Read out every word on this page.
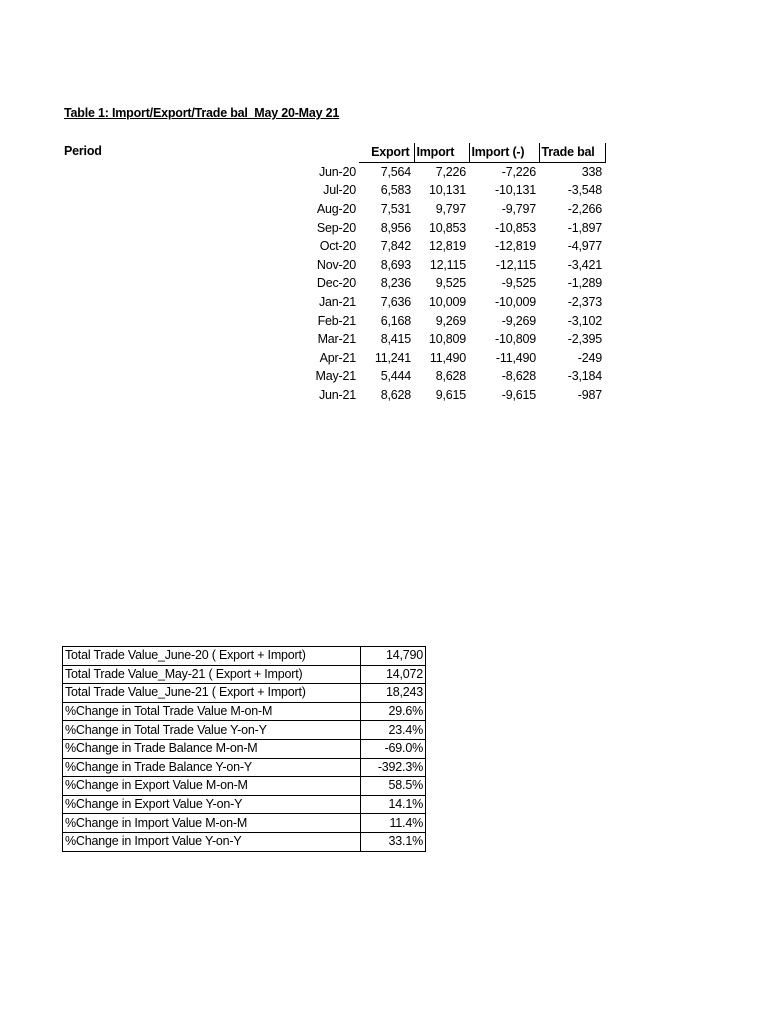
Table 1: Import/Export/Trade bal  May 20-May 21
Period
		Export	Import	Import (-)	Trade bal
Jun-20	7,564	7,226	-7,226	338
Jul-20	6,583	10,131	-10,131	-3,548
Aug-20	7,531	9,797	-9,797	-2,266
Sep-20	8,956	10,853	-10,853	-1,897
Oct-20	7,842	12,819	-12,819	-4,977
Nov-20	8,693	12,115	-12,115	-3,421
Dec-20	8,236	9,525	-9,525	-1,289
Jan-21	7,636	10,009	-10,009	-2,373
Feb-21	6,168	9,269	-9,269	-3,102
Mar-21	8,415	10,809	-10,809	-2,395
Apr-21	11,241	11,490	-11,490	-249
May-21	5,444	8,628	-8,628	-3,184
Jun-21	8,628	9,615	-9,615	-987
Total Trade Value_June-20 ( Export + Import)	14,790
Total Trade Value_May-21 ( Export + Import)	14,072
Total Trade Value_June-21 ( Export + Import)	18,243
%Change in Total Trade Value M-on-M	29.6%
%Change in Total Trade Value Y-on-Y	23.4%
%Change in Trade Balance M-on-M	-69.0%
%Change in Trade Balance Y-on-Y	-392.3%
%Change in Export Value M-on-M	58.5%
%Change in Export Value Y-on-Y	14.1%
%Change in Import Value M-on-M	11.4%
%Change in Import Value Y-on-Y	33.1%
